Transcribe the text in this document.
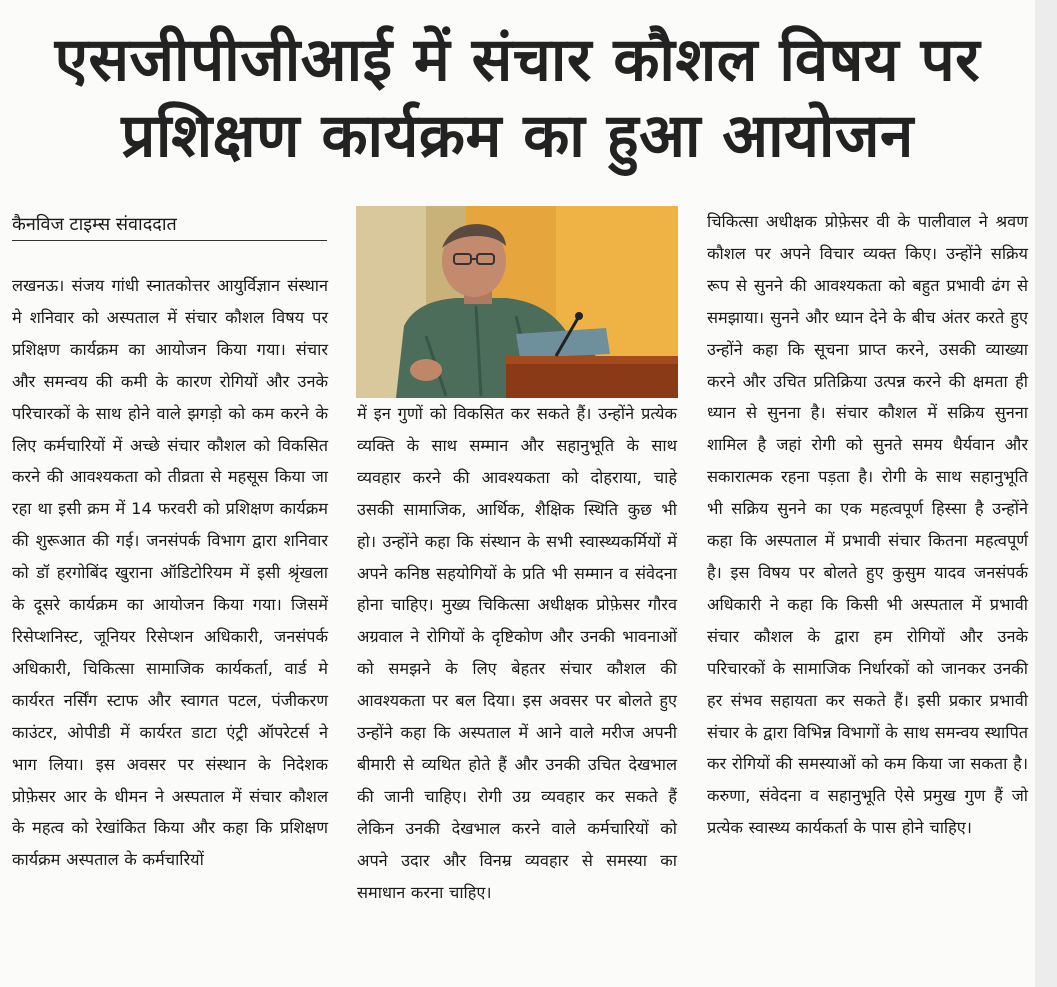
एसजीपीजीआई में संचार कौशल विषय पर प्रशिक्षण कार्यक्रम का हुआ आयोजन
कैनविज टाइम्स संवाददात

लखनऊ। संजय गांधी स्नातकोत्तर आयुर्विज्ञान संस्थान मे शनिवार को अस्पताल में संचार कौशल विषय पर प्रशिक्षण कार्यक्रम का आयोजन किया गया। संचार और समन्वय की कमी के कारण रोगियों और उनके परिचारकों के साथ होने वाले झगड़ो को कम करने के लिए कर्मचारियों में अच्छे संचार कौशल को विकसित करने की आवश्यकता को तीव्रता से महसूस किया जा रहा था इसी क्रम में 14 फरवरी को प्रशिक्षण कार्यक्रम की शुरूआत की गई। जनसंपर्क विभाग द्वारा शनिवार को डॉ हरगोबिंद खुराना ऑडिटोरियम में इसी श्रृंखला के दूसरे कार्यक्रम का आयोजन किया गया। जिसमें रिसेप्शनिस्ट, जूनियर रिसेप्शन अधिकारी, जनसंपर्क अधिकारी, चिकित्सा सामाजिक कार्यकर्ता, वार्ड मे कार्यरत नर्सिंग स्टाफ और स्वागत पटल, पंजीकरण काउंटर, ओपीडी में कार्यरत डाटा एंट्री ऑपरेटर्स ने भाग लिया। इस अवसर पर संस्थान के निदेशक प्रोफ़ेसर आर के धीमन ने अस्पताल में संचार कौशल के महत्व को रेखांकित किया और कहा कि प्रशिक्षण कार्यक्रम अस्पताल के कर्मचारियों

में इन गुणों को विकसित कर सकते हैं। उन्होंने प्रत्येक व्यक्ति के साथ सम्मान और सहानुभूति के साथ व्यवहार करने की आवश्यकता को दोहराया, चाहे उसकी सामाजिक, आर्थिक, शैक्षिक स्थिति कुछ भी हो। उन्होंने कहा कि संस्थान के सभी स्वास्थ्यकर्मियों में अपने कनिष्ठ सहयोगियों के प्रति भी सम्मान व संवेदना होना चाहिए। मुख्य चिकित्सा अधीक्षक प्रोफ़ेसर गौरव अग्रवाल ने रोगियों के दृष्टिकोण और उनकी भावनाओं को समझने के लिए बेहतर संचार कौशल की आवश्यकता पर बल दिया। इस अवसर पर बोलते हुए उन्होंने कहा कि अस्पताल में आने वाले मरीज अपनी बीमारी से व्यथित होते हैं और उनकी उचित देखभाल की जानी चाहिए। रोगी उग्र व्यवहार कर सकते हैं लेकिन उनकी देखभाल करने वाले कर्मचारियों को अपने उदार और विनम्र व्यवहार से समस्या का समाधान करना चाहिए।

चिकित्सा अधीक्षक प्रोफ़ेसर वी के पालीवाल ने श्रवण कौशल पर अपने विचार व्यक्त किए। उन्होंने सक्रिय रूप से सुनने की आवश्यकता को बहुत प्रभावी ढंग से समझाया। सुनने और ध्यान देने के बीच अंतर करते हुए उन्होंने कहा कि सूचना प्राप्त करने, उसकी व्याख्या करने और उचित प्रतिक्रिया उत्पन्न करने की क्षमता ही ध्यान से सुनना है। संचार कौशल में सक्रिय सुनना शामिल है जहां रोगी को सुनते समय धैर्यवान और सकारात्मक रहना पड़ता है। रोगी के साथ सहानुभूति भी सक्रिय सुनने का एक महत्वपूर्ण हिस्सा है उन्होंने कहा कि अस्पताल में प्रभावी संचार कितना महत्वपूर्ण है। इस विषय पर बोलते हुए कुसुम यादव जनसंपर्क अधिकारी ने कहा कि किसी भी अस्पताल में प्रभावी संचार कौशल के द्वारा हम रोगियों और उनके परिचारकों के सामाजिक निर्धारकों को जानकर उनकी हर संभव सहायता कर सकते हैं। इसी प्रकार प्रभावी संचार के द्वारा विभिन्न विभागों के साथ समन्वय स्थापित कर रोगियों की समस्याओं को कम किया जा सकता है। करुणा, संवेदना व सहानुभूति ऐसे प्रमुख गुण हैं जो प्रत्येक स्वास्थ्य कार्यकर्ता के पास होने चाहिए।
